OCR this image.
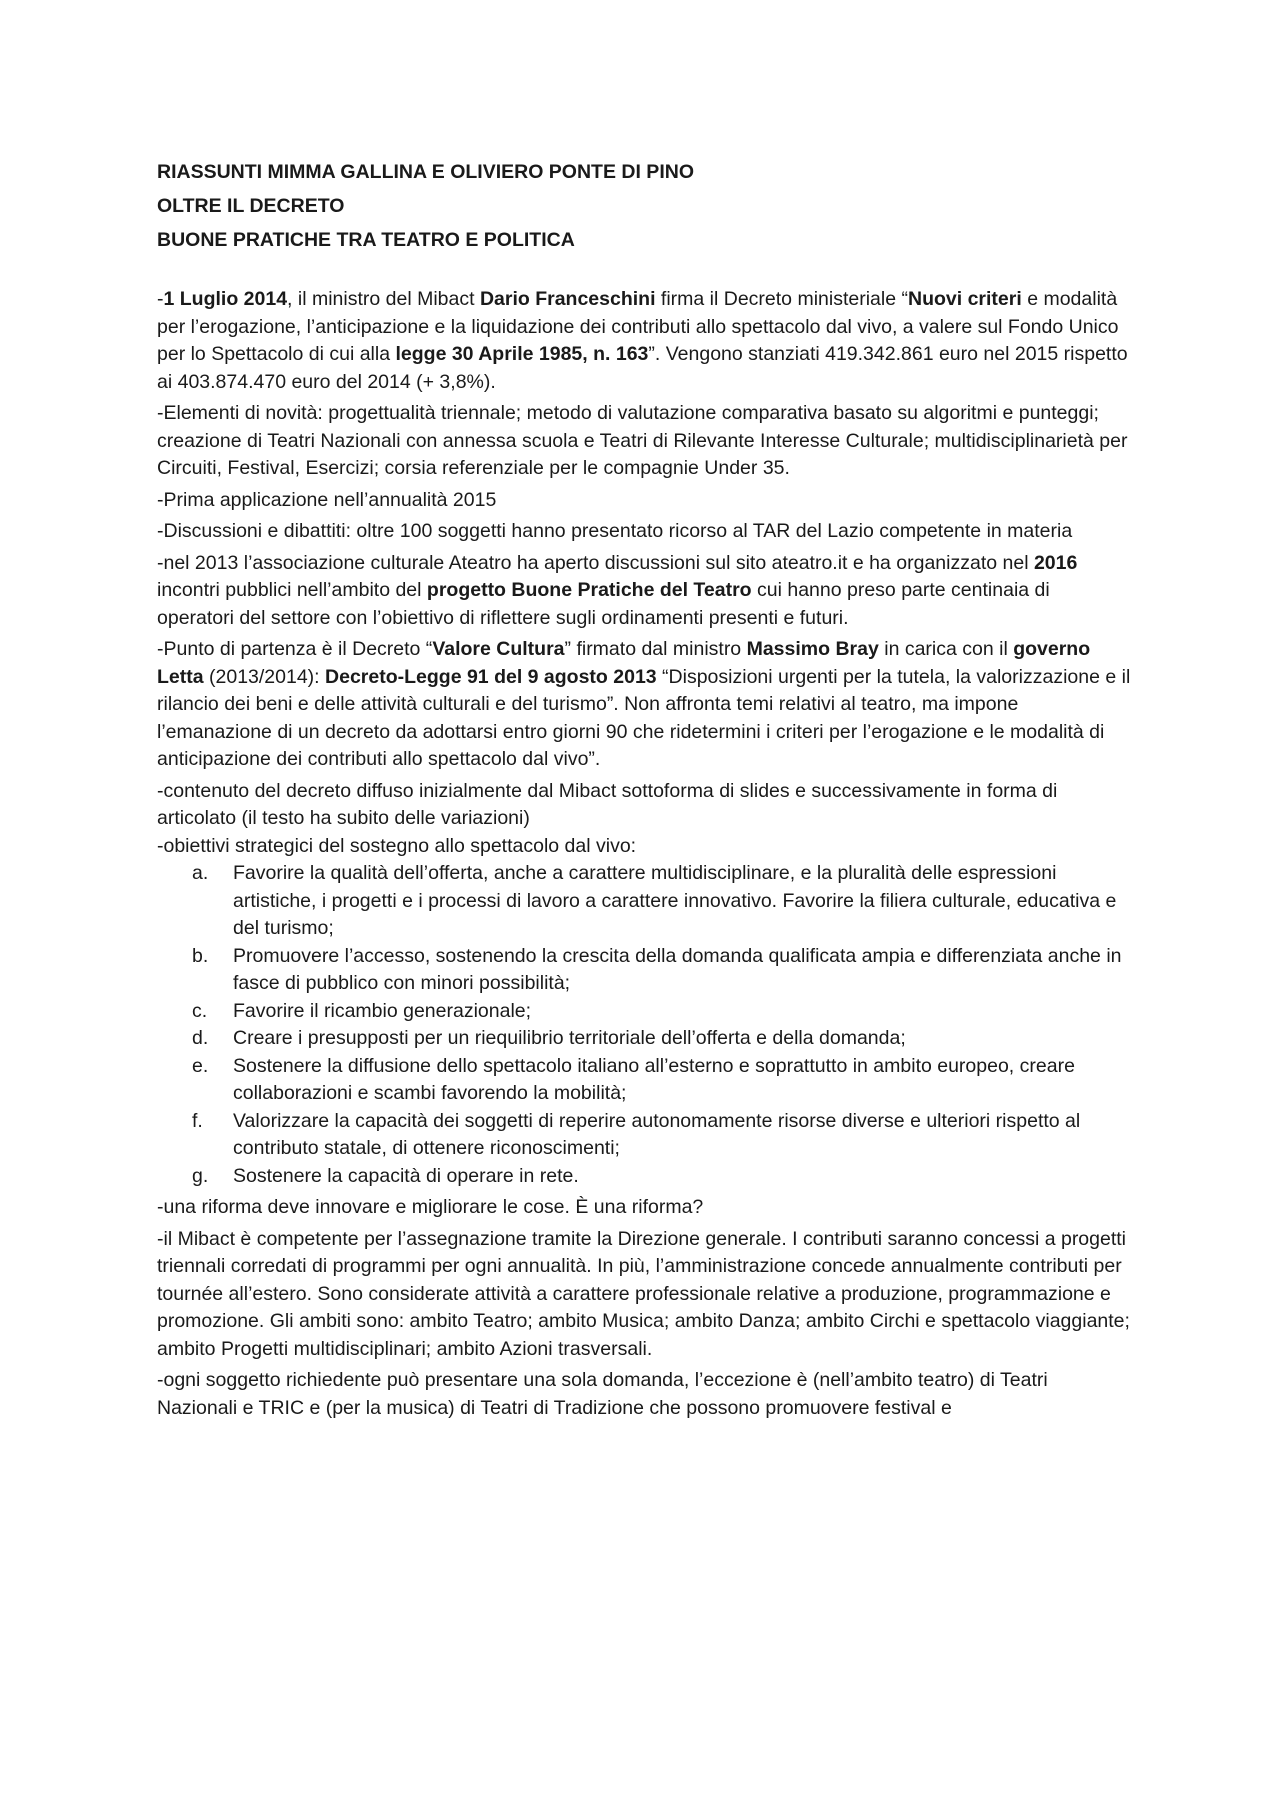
RIASSUNTI MIMMA GALLINA E OLIVIERO PONTE DI PINO

OLTRE IL DECRETO

BUONE PRATICHE TRA TEATRO E POLITICA

-1 Luglio 2014, il ministro del Mibact Dario Franceschini firma il Decreto ministeriale “Nuovi criteri e modalità per l’erogazione, l’anticipazione e la liquidazione dei contributi allo spettacolo dal vivo, a valere sul Fondo Unico per lo Spettacolo di cui alla legge 30 Aprile 1985, n. 163”. Vengono stanziati 419.342.861 euro nel 2015 rispetto ai 403.874.470 euro del 2014 (+ 3,8%).

-Elementi di novità: progettualità triennale; metodo di valutazione comparativa basato su algoritmi e punteggi; creazione di Teatri Nazionali con annessa scuola e Teatri di Rilevante Interesse Culturale; multidisciplinarietà per Circuiti, Festival, Esercizi; corsia referenziale per le compagnie Under 35.

-Prima applicazione nell’annualità 2015

-Discussioni e dibattiti: oltre 100 soggetti hanno presentato ricorso al TAR del Lazio competente in materia

-nel 2013 l’associazione culturale Ateatro ha aperto discussioni sul sito ateatro.it e ha organizzato nel 2016 incontri pubblici nell’ambito del progetto Buone Pratiche del Teatro cui hanno preso parte centinaia di operatori del settore con l’obiettivo di riflettere sugli ordinamenti presenti e futuri.

-Punto di partenza è il Decreto “Valore Cultura” firmato dal ministro Massimo Bray in carica con il governo Letta (2013/2014): Decreto-Legge 91 del 9 agosto 2013 “Disposizioni urgenti per la tutela, la valorizzazione e il rilancio dei beni e delle attività culturali e del turismo”. Non affronta temi relativi al teatro, ma impone l’emanazione di un decreto da adottarsi entro giorni 90 che ridetermini i criteri per l’erogazione e le modalità di anticipazione dei contributi allo spettacolo dal vivo”.

-contenuto del decreto diffuso inizialmente dal Mibact sottoforma di slides e successivamente in forma di articolato (il testo ha subito delle variazioni)

-obiettivi strategici del sostegno allo spettacolo dal vivo:

a. Favorire la qualità dell’offerta, anche a carattere multidisciplinare, e la pluralità delle espressioni artistiche, i progetti e i processi di lavoro a carattere innovativo. Favorire la filiera culturale, educativa e del turismo;
b. Promuovere l’accesso, sostenendo la crescita della domanda qualificata ampia e differenziata anche in fasce di pubblico con minori possibilità;
c. Favorire il ricambio generazionale;
d. Creare i presupposti per un riequilibrio territoriale dell’offerta e della domanda;
e. Sostenere la diffusione dello spettacolo italiano all’esterno e soprattutto in ambito europeo, creare collaborazioni e scambi favorendo la mobilità;
f. Valorizzare la capacità dei soggetti di reperire autonomamente risorse diverse e ulteriori rispetto al contributo statale, di ottenere riconoscimenti;
g. Sostenere la capacità di operare in rete.

-una riforma deve innovare e migliorare le cose. È una riforma?

-il Mibact è competente per l’assegnazione tramite la Direzione generale. I contributi saranno concessi a progetti triennali corredati di programmi per ogni annualità. In più, l’amministrazione concede annualmente contributi per tournée all’estero. Sono considerate attività a carattere professionale relative a produzione, programmazione e promozione. Gli ambiti sono: ambito Teatro; ambito Musica; ambito Danza; ambito Circhi e spettacolo viaggiante; ambito Progetti multidisciplinari; ambito Azioni trasversali.

-ogni soggetto richiedente può presentare una sola domanda, l’eccezione è (nell’ambito teatro) di Teatri Nazionali e TRIC e (per la musica) di Teatri di Tradizione che possono promuovere festival e
